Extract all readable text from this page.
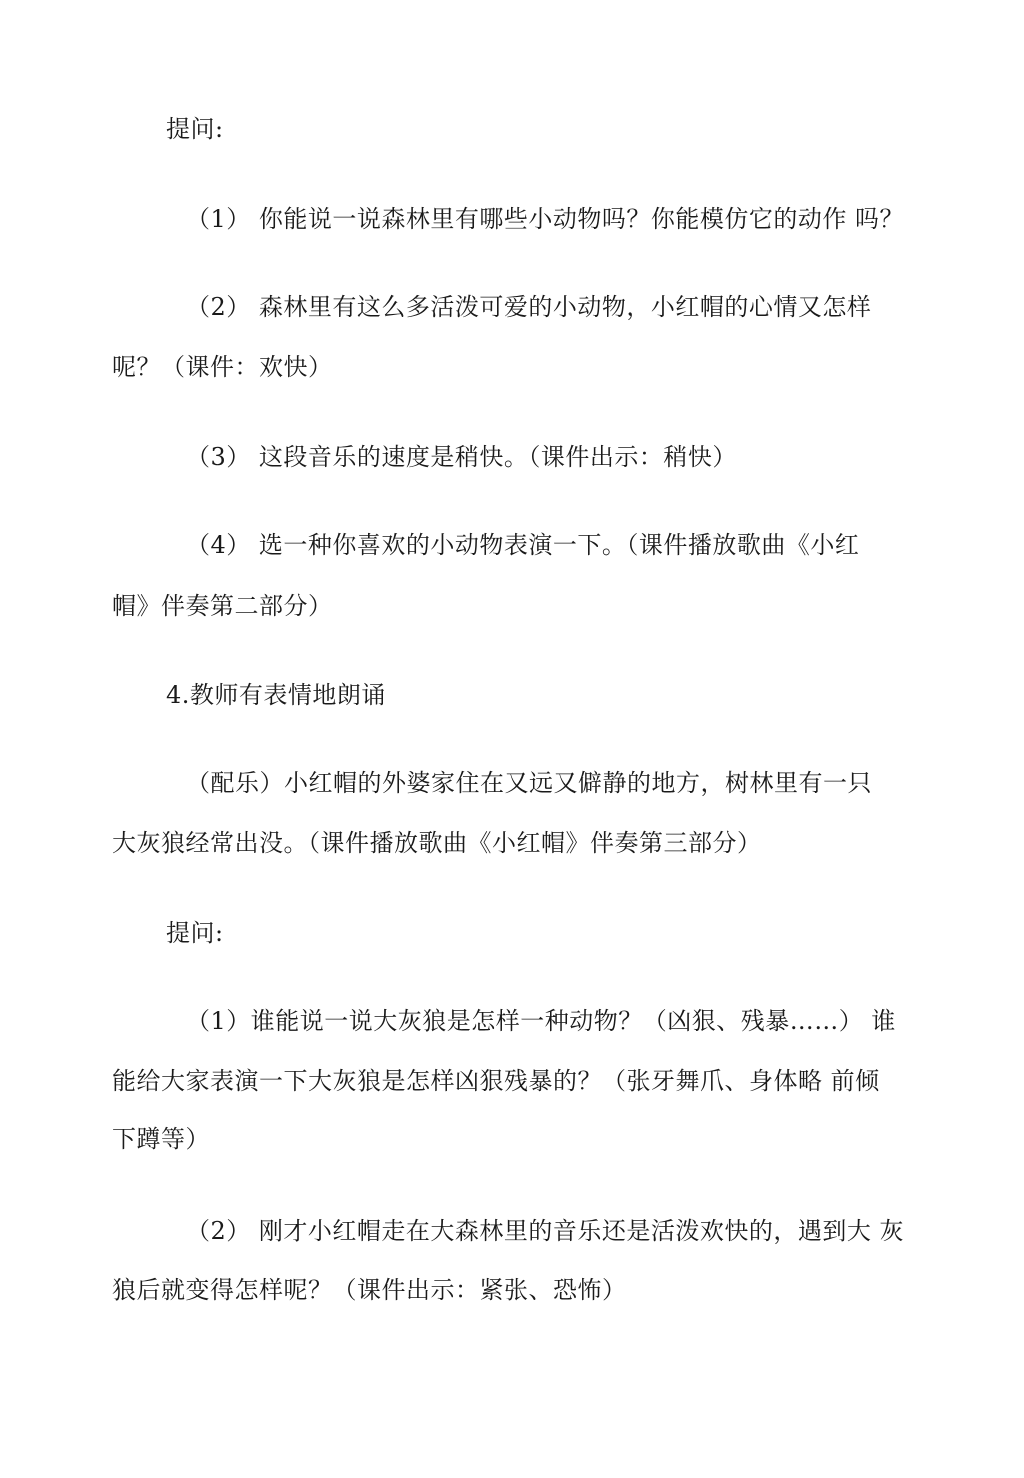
提问:
（1） 你能说一说森林里有哪些小动物吗？你能模仿它的动作 吗？
（2） 森林里有这么多活泼可爱的小动物，小红帽的心情又怎样
呢？（课件：欢快）
（3） 这段音乐的速度是稍快。（课件出示：稍快）
（4） 选一种你喜欢的小动物表演一下。（课件播放歌曲《小红
帽》伴奏第二部分）
4.教师有表情地朗诵
（配乐）小红帽的外婆家住在又远又僻静的地方，树林里有一只
大灰狼经常出没。（课件播放歌曲《小红帽》伴奏第三部分）
提问:
（1）谁能说一说大灰狼是怎样一种动物？（凶狠、残暴……） 谁
能给大家表演一下大灰狼是怎样凶狠残暴的？（张牙舞爪、身体略 前倾
下蹲等）
（2） 刚才小红帽走在大森林里的音乐还是活泼欢快的，遇到大 灰
狼后就变得怎样呢？（课件出示：紧张、恐怖）
